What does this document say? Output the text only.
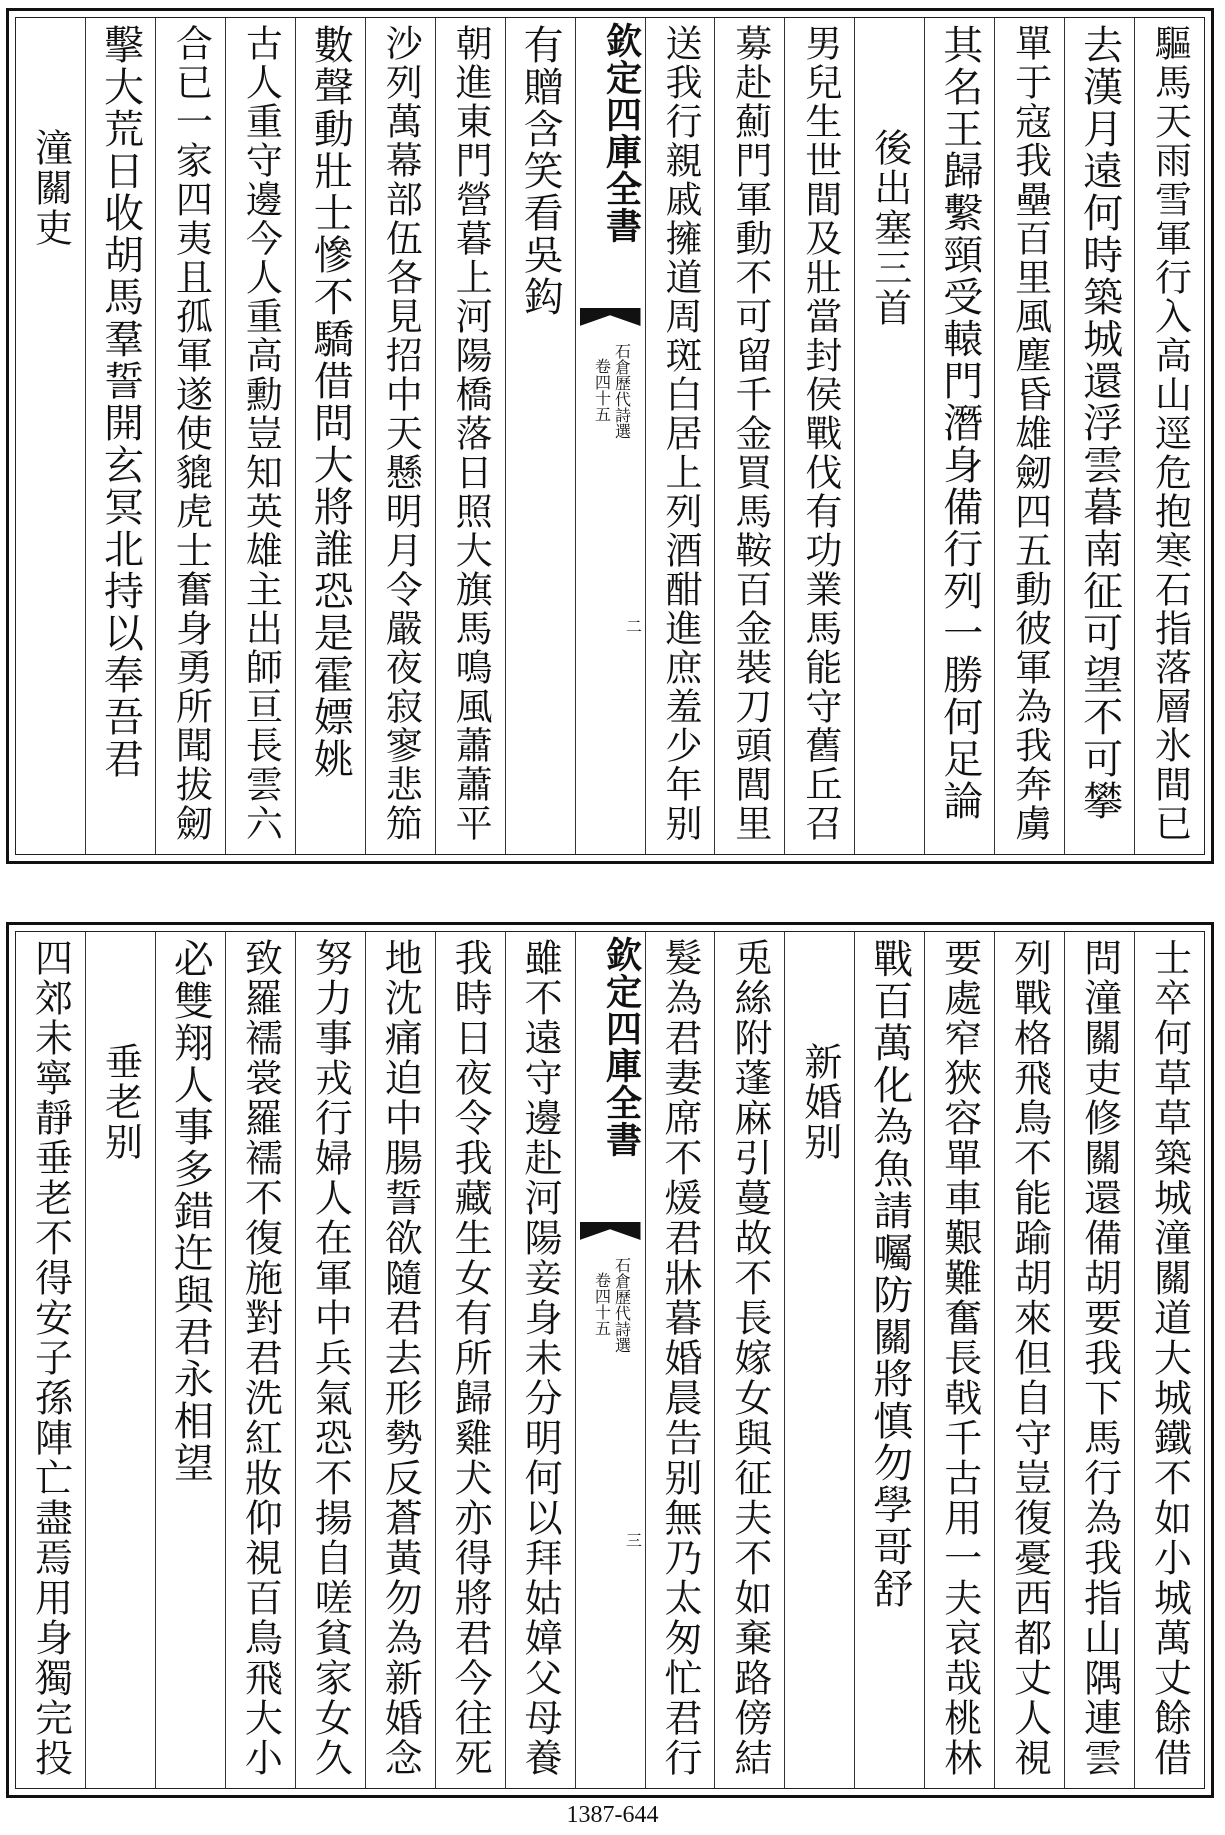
驅馬天雨雪軍行入高山逕危抱寒石指落層氷間已
去漢月遠何時築城還浮雲暮南征可望不可攀
單于寇我壘百里風塵昏雄劒四五動彼軍為我奔虜
其名王歸繫頸受轅門潛身備行列一勝何足論
後出塞三首
男兒生世間及壯當封侯戰伐有功業馬能守舊丘召
募赴薊門軍動不可留千金買馬鞍百金裝刀頭閭里
送我行親戚擁道周斑白居上列酒酣進庶羞少年别
欽定四庫全書
石倉歷代詩選
卷四十五
二
有贈含笑看吳鈎
朝進東門營暮上河陽橋落日照大旗馬鳴風蕭蕭平
沙列萬幕部伍各見招中天懸明月令嚴夜寂寥悲笳
數聲動壯士慘不驕借問大將誰恐是霍嫖姚
古人重守邊今人重高勳豈知英雄主出師亘長雲六
合已一家四夷且孤軍遂使貔虎士奮身勇所聞拔劒
擊大荒日收胡馬羣誓開玄冥北持以奉吾君
潼關吏
士卒何草草築城潼關道大城鐵不如小城萬丈餘借
問潼關吏修關還備胡要我下馬行為我指山隅連雲
列戰格飛鳥不能踰胡來但自守豈復憂西都丈人視
要處窄狹容單車艱難奮長戟千古用一夫哀哉桃林
戰百萬化為魚請囑防關將慎勿學哥舒
新婚别
兎絲附蓬麻引蔓故不長嫁女與征夫不如棄路傍結
髮為君妻席不煖君牀暮婚晨告别無乃太匆忙君行
欽定四庫全書
石倉歷代詩選
卷四十五
三
雖不遠守邊赴河陽妾身未分明何以拜姑嫜父母養
我時日夜令我藏生女有所歸雞犬亦得將君今往死
地沈痛迫中腸誓欲隨君去形勢反蒼黃勿為新婚念
努力事戎行婦人在軍中兵氣恐不揚自嗟貧家女久
致羅襦裳羅襦不復施對君洗紅妝仰視百鳥飛大小
必雙翔人事多錯迕與君永相望
垂老别
四郊未寧靜垂老不得安子孫陣亡盡焉用身獨完投
1387-644
